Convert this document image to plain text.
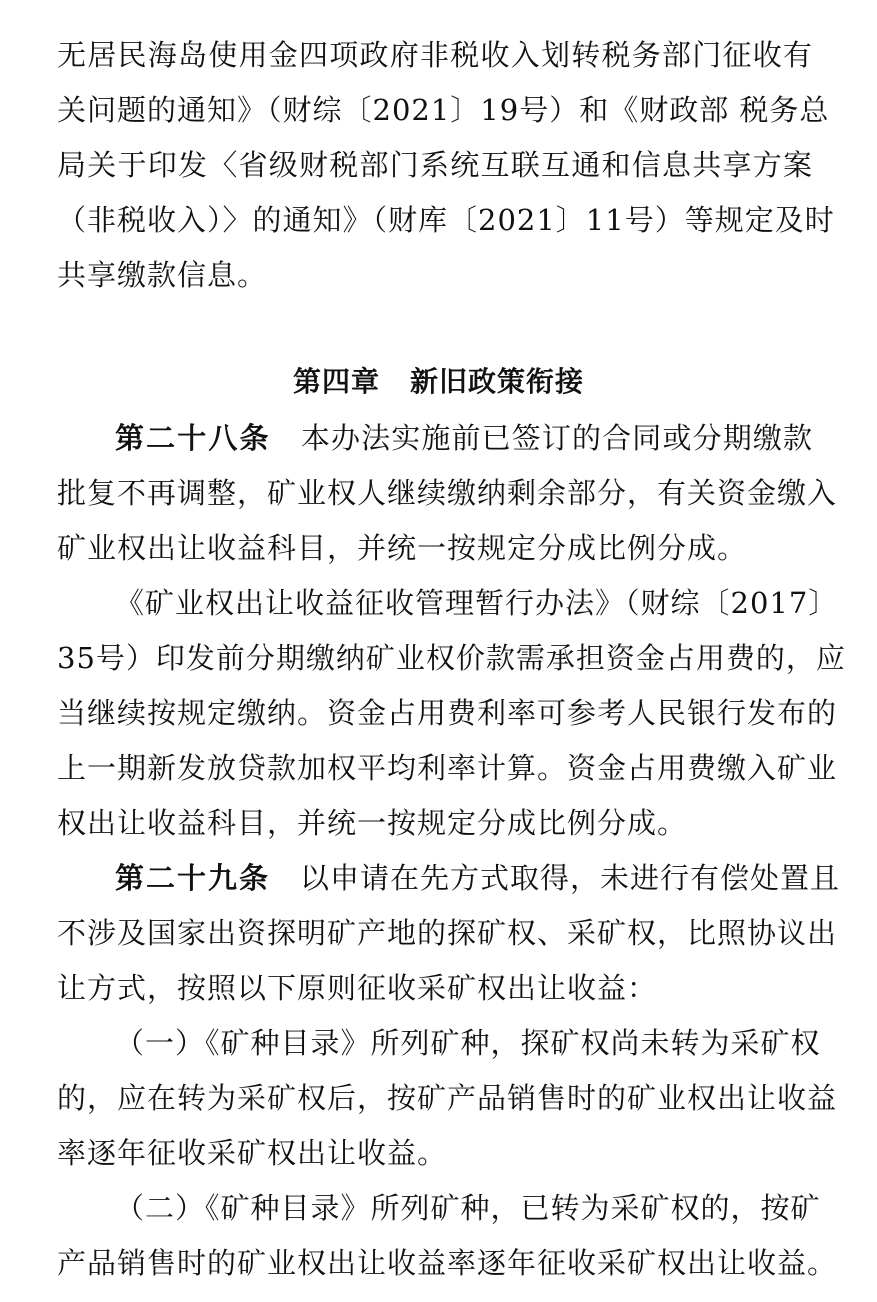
无居民海岛使用金四项政府非税收入划转税务部门征收有
关问题的通知》（财综〔2021〕19号）和《财政部 税务总
局关于印发〈省级财税部门系统互联互通和信息共享方案
（非税收入）〉的通知》（财库〔2021〕11号）等规定及时
共享缴款信息。
第四章 新旧政策衔接
第二十八条 本办法实施前已签订的合同或分期缴款
批复不再调整，矿业权人继续缴纳剩余部分，有关资金缴入
矿业权出让收益科目，并统一按规定分成比例分成。
《矿业权出让收益征收管理暂行办法》（财综〔2017〕
35号）印发前分期缴纳矿业权价款需承担资金占用费的，应
当继续按规定缴纳。资金占用费利率可参考人民银行发布的
上一期新发放贷款加权平均利率计算。资金占用费缴入矿业
权出让收益科目，并统一按规定分成比例分成。
第二十九条 以申请在先方式取得，未进行有偿处置且
不涉及国家出资探明矿产地的探矿权、采矿权，比照协议出
让方式，按照以下原则征收采矿权出让收益：
（一）《矿种目录》所列矿种，探矿权尚未转为采矿权
的，应在转为采矿权后，按矿产品销售时的矿业权出让收益
率逐年征收采矿权出让收益。
（二）《矿种目录》所列矿种，已转为采矿权的，按矿
产品销售时的矿业权出让收益率逐年征收采矿权出让收益。
